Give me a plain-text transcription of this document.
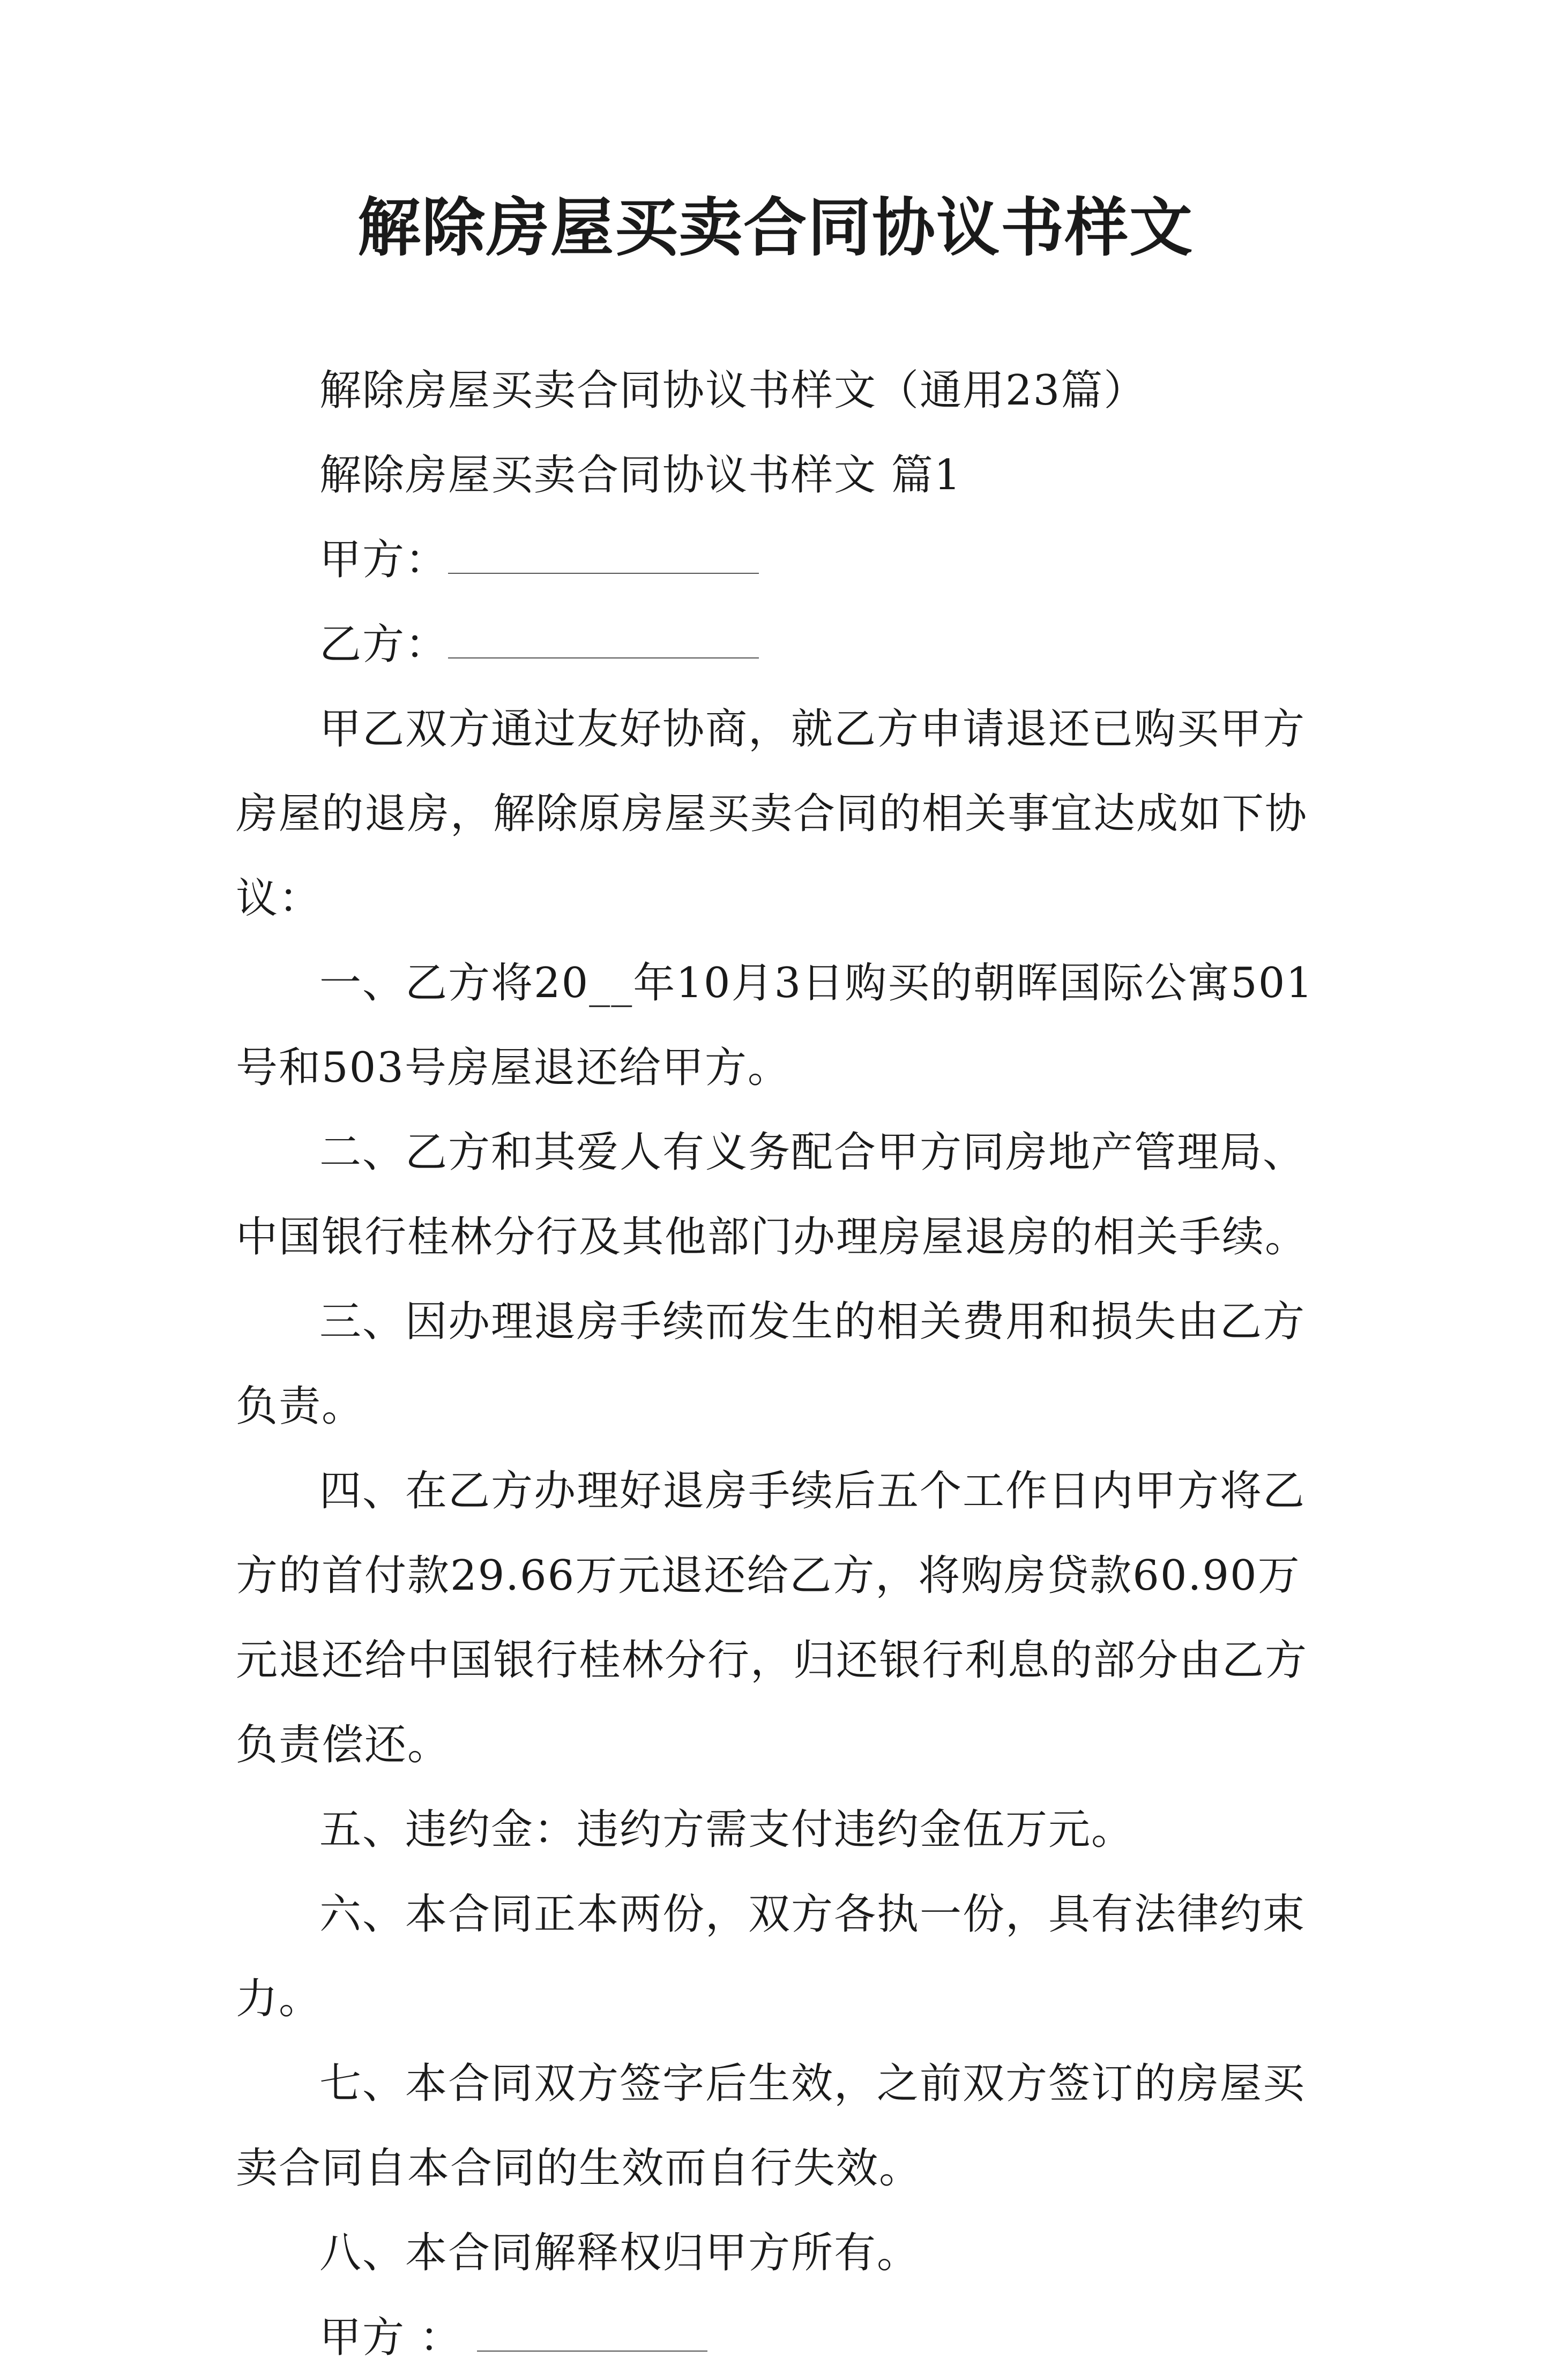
解除房屋买卖合同协议书样文

解除房屋买卖合同协议书样文（通用23篇）

解除房屋买卖合同协议书样文 篇1

甲方：

乙方：

甲乙双方通过友好协商，就乙方申请退还已购买甲方房屋的退房，解除原房屋买卖合同的相关事宜达成如下协议：

一、乙方将20__年10月3日购买的朝晖国际公寓501号和503号房屋退还给甲方。

二、乙方和其爱人有义务配合甲方同房地产管理局、中国银行桂林分行及其他部门办理房屋退房的相关手续。

三、因办理退房手续而发生的相关费用和损失由乙方负责。

四、在乙方办理好退房手续后五个工作日内甲方将乙方的首付款29.66万元退还给乙方，将购房贷款60.90万元退还给中国银行桂林分行，归还银行利息的部分由乙方负责偿还。

五、违约金：违约方需支付违约金伍万元。

六、本合同正本两份，双方各执一份，具有法律约束力。

七、本合同双方签字后生效，之前双方签订的房屋买卖合同自本合同的生效而自行失效。

八、本合同解释权归甲方所有。

甲方 ：
